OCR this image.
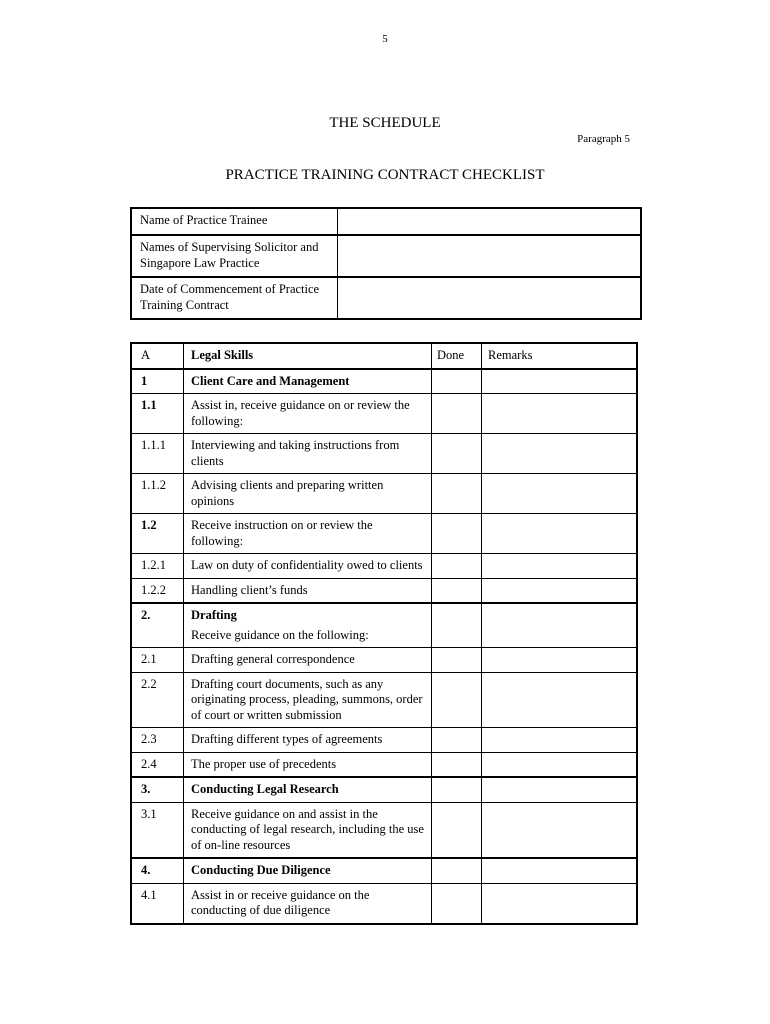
5
THE SCHEDULE
Paragraph 5
PRACTICE TRAINING CONTRACT CHECKLIST
Name of Practice Trainee
Names of Supervising Solicitor and Singapore Law Practice
Date of Commencement of Practice Training Contract
A	Legal Skills	Done	Remarks
1	Client Care and Management
1.1	Assist in, receive guidance on or review the following:
1.1.1	Interviewing and taking instructions from clients
1.1.2	Advising clients and preparing written opinions
1.2	Receive instruction on or review the following:
1.2.1	Law on duty of confidentiality owed to clients
1.2.2	Handling client’s funds
2.	Drafting
Receive guidance on the following:
2.1	Drafting general correspondence
2.2	Drafting court documents, such as any originating process, pleading, summons, order of court or written submission
2.3	Drafting different types of agreements
2.4	The proper use of precedents
3.	Conducting Legal Research
3.1	Receive guidance on and assist in the conducting of legal research, including the use of on-line resources
4.	Conducting Due Diligence
4.1	Assist in or receive guidance on the conducting of due diligence
